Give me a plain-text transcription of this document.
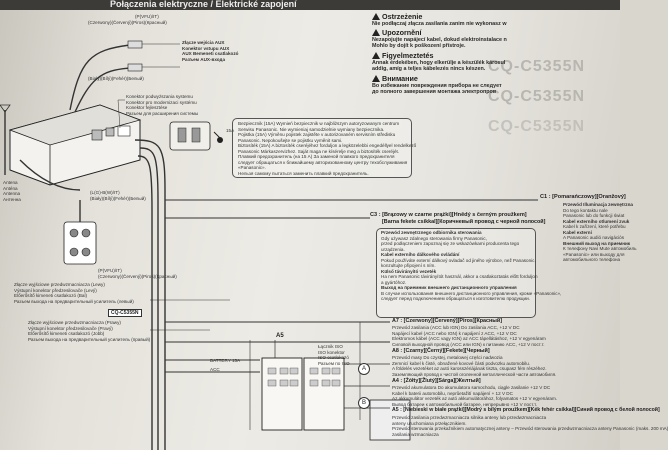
Połączenia elektryczne / Elektrické zapojení
CQ-C5355N
CQ-C5355N
CQ-C5355N
Ostrzeżenie
Nie podłączaj złącza zasilania zanim nie wykonasz w
Upozornění
Nezapojujte napájecí kabel, dokud elektroinstalace n
Mohlo by dojít k poškození přístroje.
Figyelmeztetés
Annak érdekében, hogy elkerülje a készülék károsul
addig, amíg a teljes kábelezés nincs készen.
Внимание
Во избежание повреждения прибора не следует
до полного завершения монтажа электропров
(P(VFU)/IT)
(Czerwony)(Červený)(Piros)(Красный)
(Biały)(Bílý)(Fehér)(Белый)
Złącze wejścia AUX
Konektor vstupu AUX
AUX Bemeneti csatlakozó
Разъем AUX-входа
Konektor podwyższania systemu
Konektor pro modernizaci systému
Konektor fejlesztése
Разъем для расширения системы
Bezpiecznik (15A) Wymień bezpiecznik w najbliższym autoryzowanym centrum
Serwisu Panasonic. Nie wymieniaj samodzielnie wymiany bezpiecznika.
Pojistka (15A) Výměnu pojistek zajistěte v autorizovaném servisním středisku
Panasonic. Nepokoušejte se pojistku vyměnit sami.
Biztosíték (15A) A biztosíték cseréjéhez forduljon a legközelebbi engedéllyel rendelkező
Panasonic Márkaszervizhez. Saját maga ne kísérelje meg a biztosíték cseréjét.
Плавкий предохранитель (на 15 А) За заменой плавкого предохранителя
следует обращаться к ближайшему авторизованному центру техобслуживания
«Panasonic».
Нельзя самому пытаться заменить плавкий предохранитель.
Antena
Anténa
Antenna
Антенна
(L(G)-B(W)/IT)
(Biały)(Bílý)(Fehér)(Белый)
(P(VFU)/IT)
(Czerwony)(Červený)(Piros)(Красный)
Złącze wyjściowe przedwzmacniacza (Lewy)
Výstupní konektor předzesilovače (Levý)
Előerősítő kimeneti csatlakozó (Bal)
Разъем выхода на предварительный усилитель (левый)
CQ-C5355N
Złącze wyjściowe przedwzmacniacza (Prawy)
Výstupní konektor předzesilovače (Pravý)
Előerősítő kimeneti csatlakozó (Jobb)
Разъем выхода на предварительный усилитель (правый)
C1 : [Pomarańczowy][Oranžový]
Przewód Illuminacja zewnętrzna
Do tego kontaktu nale
Panasonic lub do funkcji świat
Kabel externího otlumení zvuk
Kabel k zařízení, které potřebu
Kabel externí
A Panasonic audió navigációs
Внешний выход на приемник
К телефону Navi Mute автомобиль
«Panasonic» или выходу для
автомобильного телефона
C3 : [Brązowy w czarne prążki][Hnědý s černým proužkem]
[Barna fekete csíkkal][Коричневый провод с черной полосой]
Przewód zewnętrznego odbiornika sterowania
Gdy używasz zdalnego sterowania firmy Panasonic,
przed podłączeniem zapoznaj się ze wskazówkami producenta tego
urządzenia.
Kabel externího dálkového ovládání
Pokud používáte externí dálkový ovladač od jiného výrobce, než Panasonic,
konzultujte připojení s ním.
Külső távirányító vezeték
Ha nem Panasonic távirányítót használ, akkor a csatlakoztatás előtt forduljon
a gyártóhoz.
Выход на приемник внешнего дистанционного управления
В случае использования внешнего дистанционного управления, кроме «Panasonic»,
следует перед подключением обращаться к изготовителю продукции.
A7 : [Czerwony][Červený][Piros][Красный]
Przewód zasilania (ACC lub IGN) Do zasilania ACC, +12 V DC
Napájecí kabel (ACC nebo IGN) k napájení z ACC, +12 V DC
Elektromos kábel (ACC vagy IGN) az ACC tápellátáshoz, +12 V egyenáram
Силовой выходной провод (ACC или IGN) к питанию ACC, +12 V пост.т.
A8 : [Czarny][Černý][Fekete][Черный]
Przewód masy Do czystej, metalowej części nadwozia
Zemnicí kabel k čisté, obnažené kovové části podvozku automobilu.
A földelés vezetéket az autó karosszériájának tiszta, csupasz fém részéhez.
Заземляющий провод к чистой оголенной металлической части автомобиля.
A4 : [Żółty][Žlutý][Sárga][Желтый]
Przewód akumulatora Do akumulatora samochodu, ciągle zasilanie +12 V DC
Kabel k baterii automobilu, neprůetažití napájení + 12 V DC
Az akkumulátor vezeték az autó akkumulátorához, folyamatos +12 V egyenáram.
Вывод батареи к автомобильной батарее, непрерывно +12 V пост.т.
A5 : [Niebieski w białe prążki][Modrý s bílým proužkem][Kék fehér csíkkal][Синий провод с белой полосой]
Przewód zasilania przedwzmacniacza silnika anteny lub przedwzmacniacza
anteny uruchomiana przełącznikiem.
Przewód sterowania przekaźnikiem automatycznej anteny – Przewód sterowania przedwzmacniacza anteny Panasonic (maks. 200 mA)
zasilania wzmacniacza
Łącznik ISO
ISO konektor
ISO csatlakozó
Разъем по ISO
A5
A
B
BATTERY 15A
ACC
15A
